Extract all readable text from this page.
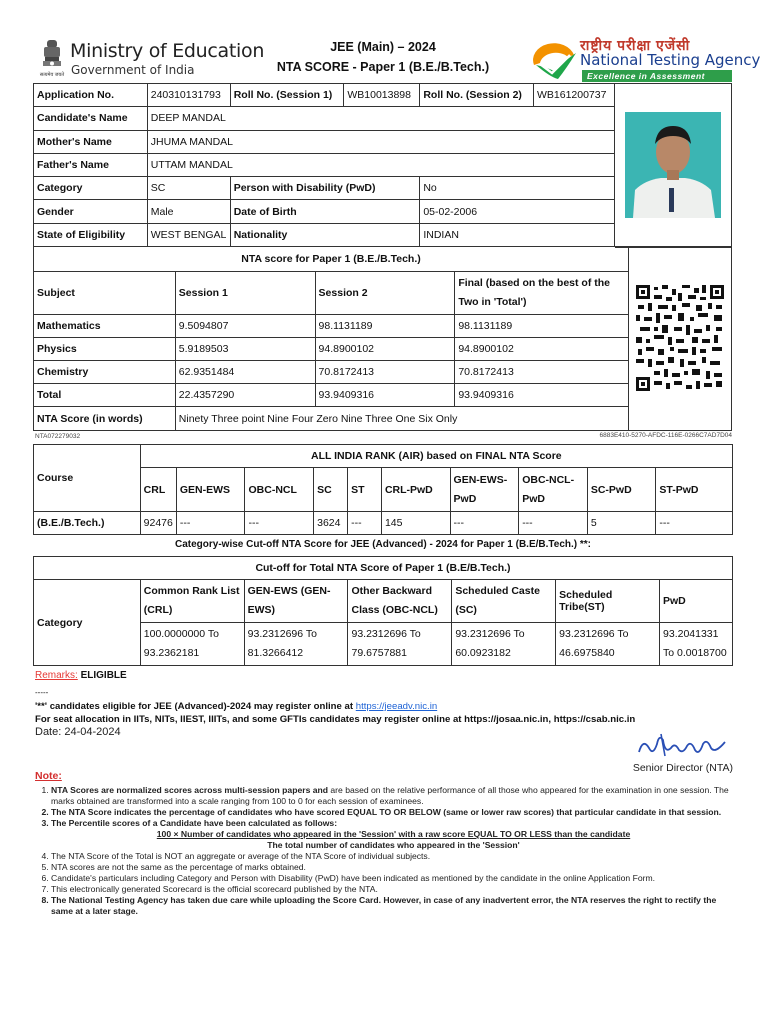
सत्यमेव जयते
Ministry of Education
Government of India
JEE (Main) – 2024
NTA SCORE - Paper 1 (B.E./B.Tech.)
राष्ट्रीय परीक्षा एजेंसी
National Testing Agency
Excellence in Assessment
Application No.	240310131793	Roll No. (Session 1)	WB10013898	Roll No. (Session 2)	WB161200737
Candidate's Name	DEEP MANDAL				
Mother's Name	JHUMA MANDAL				
Father's Name	UTTAM MANDAL				
Category	SC	Person with Disability (PwD)		No	
Gender	Male	Date of Birth		05-02-2006	
State of Eligibility	WEST BENGAL	Nationality		INDIAN	
NTA score for Paper 1 (B.E./B.Tech.)			
Subject	Session 1	Session 2	Final (based on the best of the Two in 'Total')
Mathematics	9.5094807	98.1131189	98.1131189
Physics	5.9189503	94.8900102	94.8900102
Chemistry	62.9351484	70.8172413	70.8172413
Total	22.4357290	93.9409316	93.9409316
NTA Score (in words)	Ninety Three point Nine Four Zero Nine Three One Six Only		
NTA072279032	6883E410-5270-AFDC-116E-0266C7AD7D04
Course	ALL INDIA RANK (AIR) based on FINAL NTA Score									
	CRL	GEN-EWS	OBC-NCL	SC	ST	CRL-PwD	GEN-EWS-PwD	OBC-NCL-PwD	SC-PwD	ST-PwD
(B.E./B.Tech.)	92476	---	---	3624	---	145	---	---	5	---
Category-wise Cut-off NTA Score for JEE (Advanced) - 2024 for Paper 1 (B.E/B.Tech.) **:
Cut-off for Total NTA Score of Paper 1 (B.E/B.Tech.)						
Category	Common Rank List (CRL)	GEN-EWS (GEN-EWS)	Other Backward Class (OBC-NCL)	Scheduled Caste (SC)	Scheduled Tribe(ST)	PwD
	100.0000000 To 93.2362181	93.2312696 To 81.3266412	93.2312696 To 79.6757881	93.2312696 To 60.0923182	93.2312696 To 46.6975840	93.2041331 To 0.0018700
Remarks: ELIGIBLE
-----
'**' candidates eligible for JEE (Advanced)-2024 may register online at https://jeeadv.nic.in
For seat allocation in IITs, NITs, IIEST, IIITs, and some GFTIs candidates may register online at https://josaa.nic.in, https://csab.nic.in
Date: 24-04-2024
Senior Director (NTA)
Note:
1. NTA Scores are normalized scores across multi-session papers and are based on the relative performance of all those who appeared for the examination in one session. The marks obtained are transformed into a scale ranging from 100 to 0 for each session of examinees.
2. The NTA Score indicates the percentage of candidates who have scored EQUAL TO OR BELOW (same or lower raw scores) that particular candidate in that session.
3. The Percentile scores of a Candidate have been calculated as follows:
100 × Number of candidates who appeared in the 'Session' with a raw score EQUAL TO OR LESS than the candidate
The total number of candidates who appeared in the 'Session'
4. The NTA Score of the Total is NOT an aggregate or average of the NTA Score of individual subjects.
5. NTA scores are not the same as the percentage of marks obtained.
6. Candidate's particulars including Category and Person with Disability (PwD) have been indicated as mentioned by the candidate in the online Application Form.
7. This electronically generated Scorecard is the official scorecard published by the NTA.
8. The National Testing Agency has taken due care while uploading the Score Card. However, in case of any inadvertent error, the NTA reserves the right to rectify the same at a later stage.
